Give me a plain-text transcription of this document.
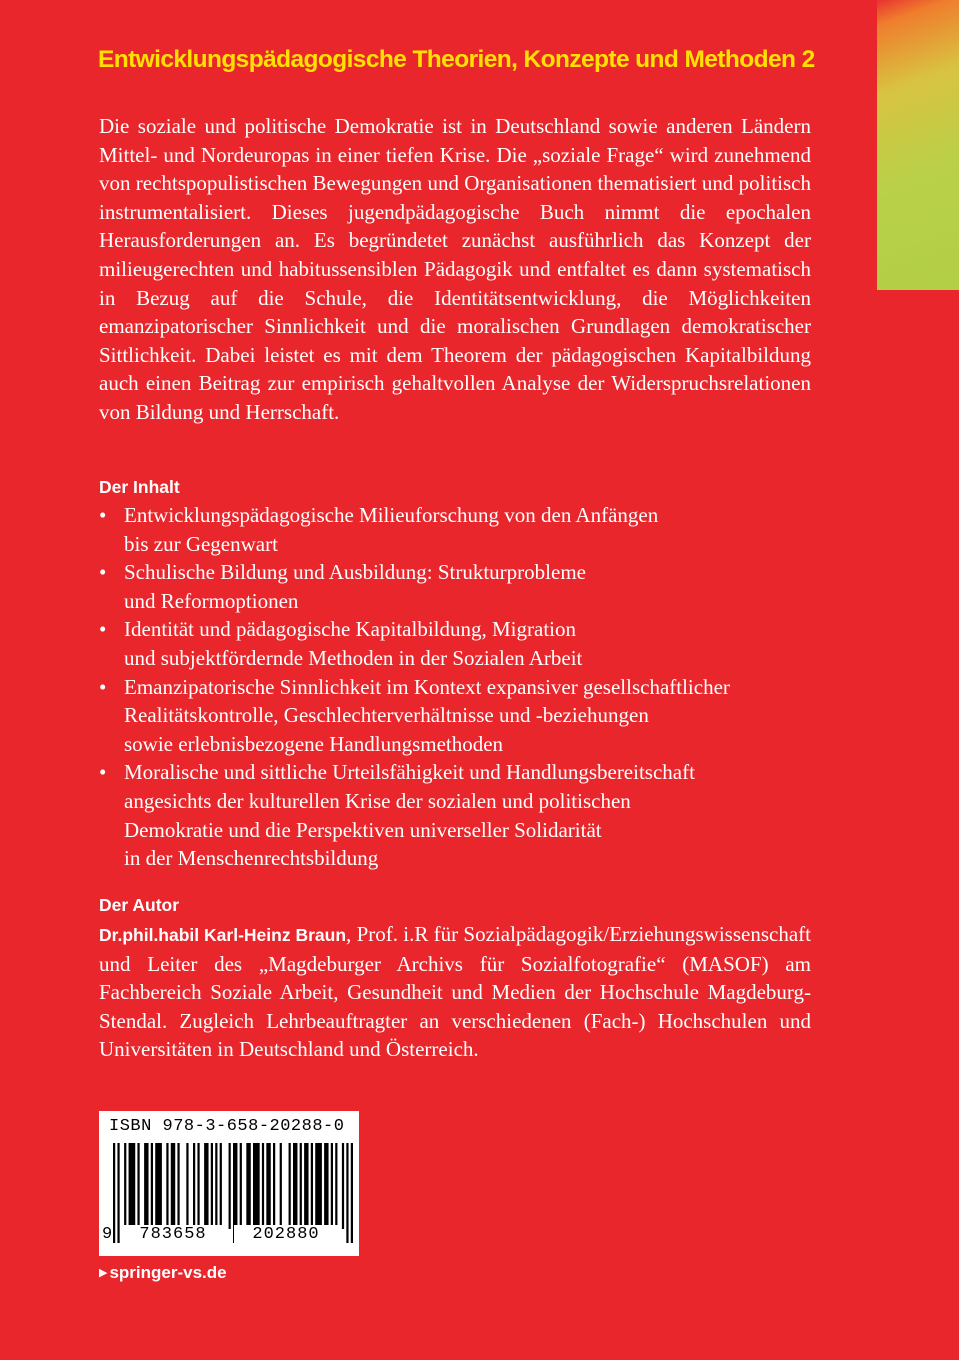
Entwicklungspädagogische Theorien, Konzepte und Methoden 2

Die soziale und politische Demokratie ist in Deutschland sowie anderen Ländern Mittel- und Nordeuropas in einer tiefen Krise. Die „soziale Frage“ wird zunehmend von rechtspopulistischen Bewegungen und Organisationen thematisiert und politisch instrumentalisiert. Dieses jugendpädagogische Buch nimmt die epochalen Herausforderungen an. Es begründetet zunächst ausführlich das Konzept der milieugerechten und habitussensiblen Pädagogik und entfaltet es dann systematisch in Bezug auf die Schule, die Identitätsentwicklung, die Möglichkeiten emanzipatorischer Sinnlichkeit und die moralischen Grundlagen demokratischer Sittlichkeit. Dabei leistet es mit dem Theorem der pädagogischen Kapitalbildung auch einen Beitrag zur empirisch gehaltvollen Analyse der Widerspruchsrelationen von Bildung und Herrschaft.

Der Inhalt
• Entwicklungspädagogische Milieuforschung von den Anfängen
bis zur Gegenwart
• Schulische Bildung und Ausbildung: Strukturprobleme
und Reformoptionen
• Identität und pädagogische Kapitalbildung, Migration
und subjektfördernde Methoden in der Sozialen Arbeit
• Emanzipatorische Sinnlichkeit im Kontext expansiver gesellschaftlicher
Realitätskontrolle, Geschlechterverhältnisse und -beziehungen
sowie erlebnisbezogene Handlungsmethoden
• Moralische und sittliche Urteilsfähigkeit und Handlungsbereitschaft
angesichts der kulturellen Krise der sozialen und politischen
Demokratie und die Perspektiven universeller Solidarität
in der Menschenrechtsbildung
Der Autor

Dr.phil.habil Karl-Heinz Braun, Prof. i.R für Sozialpädagogik/Erziehungswissenschaft und Leiter des „Magdeburger Archivs für Sozialfotografie“ (MASOF) am Fachbereich Soziale Arbeit, Gesundheit und Medien der Hochschule Magdeburg-Stendal. Zugleich Lehrbeauftragter an verschiedenen (Fach-) Hochschulen und Universitäten in Deutschland und Österreich.

ISBN 978-3-658-20288-0
9	783658	202880
▶ springer-vs.de
